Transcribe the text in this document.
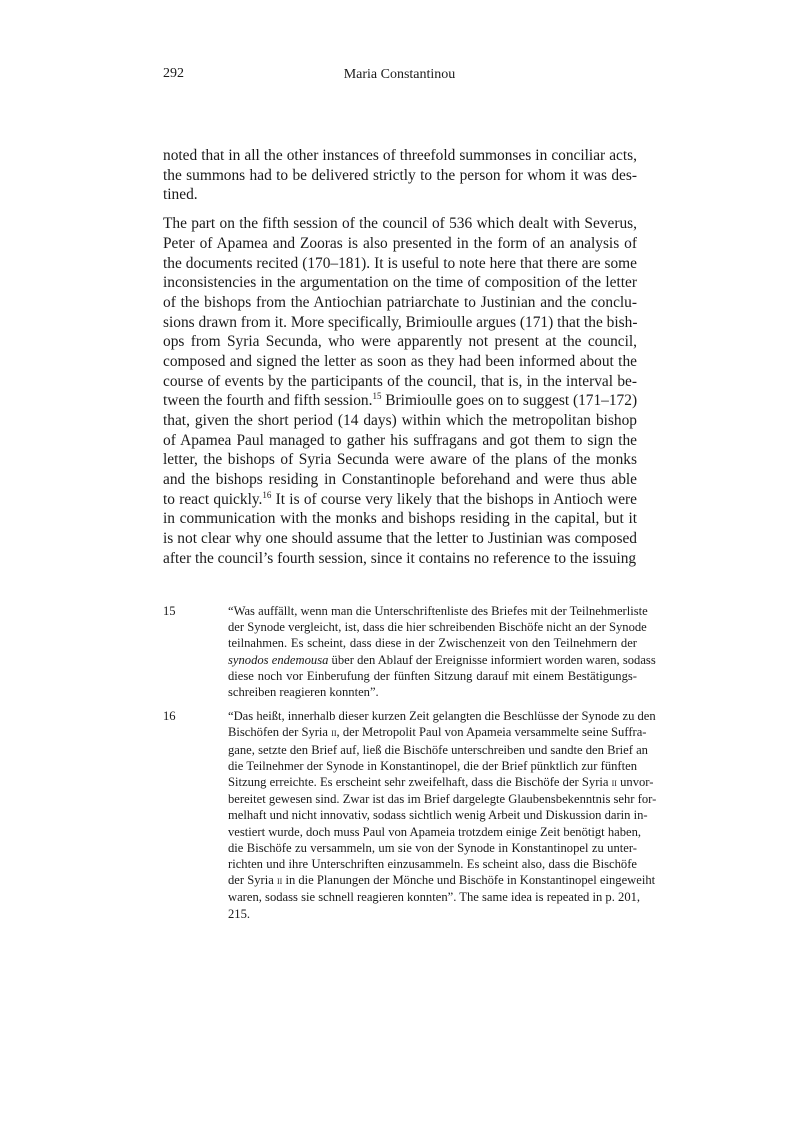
292	Maria Constantinou
noted that in all the other instances of threefold summonses in conciliar acts,
the summons had to be delivered strictly to the person for whom it was des-
tined.
The part on the fifth session of the council of 536 which dealt with Severus,
Peter of Apamea and Zooras is also presented in the form of an analysis of
the documents recited (170–181). It is useful to note here that there are some
inconsistencies in the argumentation on the time of composition of the letter
of the bishops from the Antiochian patriarchate to Justinian and the conclu-
sions drawn from it. More specifically, Brimioulle argues (171) that the bish-
ops from Syria Secunda, who were apparently not present at the council,
composed and signed the letter as soon as they had been informed about the
course of events by the participants of the council, that is, in the interval be-
tween the fourth and fifth session.$^{15}$ Brimioulle goes on to suggest (171–172)
that, given the short period (14 days) within which the metropolitan bishop
of Apamea Paul managed to gather his suffragans and got them to sign the
letter, the bishops of Syria Secunda were aware of the plans of the monks
and the bishops residing in Constantinople beforehand and were thus able
to react quickly.$^{16}$ It is of course very likely that the bishops in Antioch were
in communication with the monks and bishops residing in the capital, but it
is not clear why one should assume that the letter to Justinian was composed
after the council’s fourth session, since it contains no reference to the issuing
15	“Was auffällt, wenn man die Unterschriftenliste des Briefes mit der Teilnehmerliste
der Synode vergleicht, ist, dass die hier schreibenden Bischöfe nicht an der Synode
teilnahmen. Es scheint, dass diese in der Zwischenzeit von den Teilnehmern der
synodos endemousa über den Ablauf der Ereignisse informiert worden waren, sodass
diese noch vor Einberufung der fünften Sitzung darauf mit einem Bestätigungs-
schreiben reagieren konnten”.
16	“Das heißt, innerhalb dieser kurzen Zeit gelangten die Beschlüsse der Synode zu den
Bischöfen der Syria ii, der Metropolit Paul von Apameia versammelte seine Suffra-
gane, setzte den Brief auf, ließ die Bischöfe unterschreiben und sandte den Brief an
die Teilnehmer der Synode in Konstantinopel, die der Brief pünktlich zur fünften
Sitzung erreichte. Es erscheint sehr zweifelhaft, dass die Bischöfe der Syria ii unvor-
bereitet gewesen sind. Zwar ist das im Brief dargelegte Glaubensbekenntnis sehr for-
melhaft und nicht innovativ, sodass sichtlich wenig Arbeit und Diskussion darin in-
vestiert wurde, doch muss Paul von Apameia trotzdem einige Zeit benötigt haben,
die Bischöfe zu versammeln, um sie von der Synode in Konstantinopel zu unter-
richten und ihre Unterschriften einzusammeln. Es scheint also, dass die Bischöfe
der Syria ii in die Planungen der Mönche und Bischöfe in Konstantinopel eingeweiht
waren, sodass sie schnell reagieren konnten”. The same idea is repeated in p. 201,
215.
